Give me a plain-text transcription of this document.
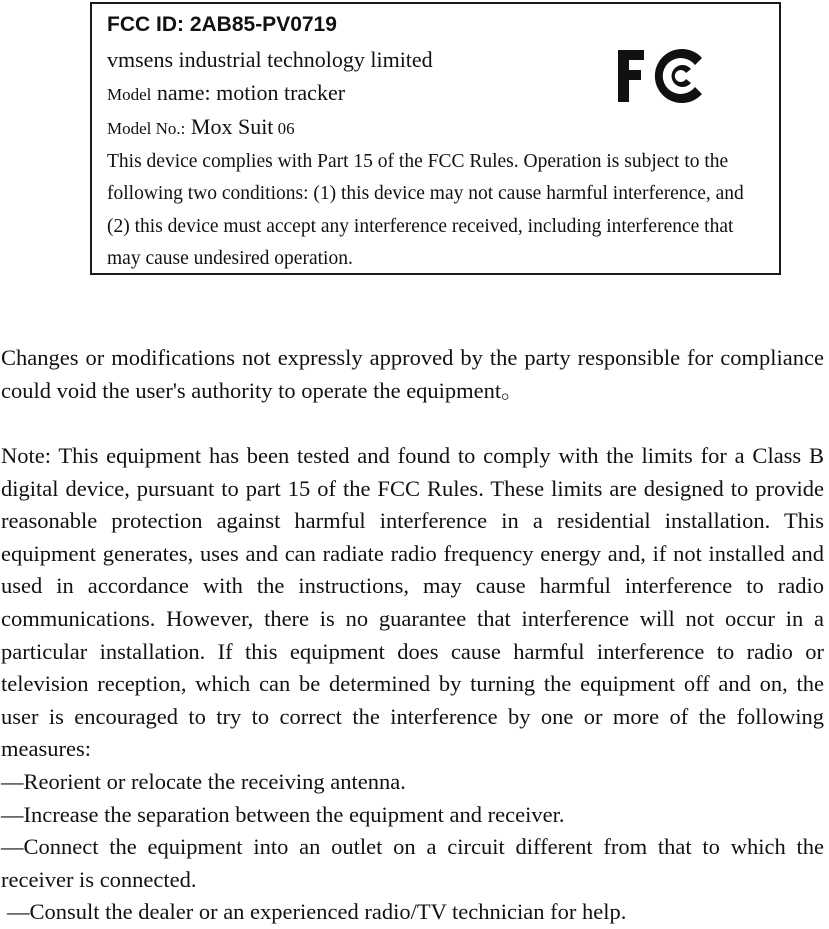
FCC ID: 2AB85-PV0719
vmsens industrial technology limited
Model name: motion tracker
Model No.: Mox Suit 06
This device complies with Part 15 of the FCC Rules. Operation is subject to the following two conditions: (1) this device may not cause harmful interference, and (2) this device must accept any interference received, including interference that may cause undesired operation.
Changes or modifications not expressly approved by the party responsible for compliance could void the user's authority to operate the equipment。
Note: This equipment has been tested and found to comply with the limits for a Class B digital device, pursuant to part 15 of the FCC Rules. These limits are designed to provide reasonable protection against harmful interference in a residential installation. This equipment generates, uses and can radiate radio frequency energy and, if not installed and used in accordance with the instructions, may cause harmful interference to radio communications. However, there is no guarantee that interference will not occur in a particular installation. If this equipment does cause harmful interference to radio or television reception, which can be determined by turning the equipment off and on, the user is encouraged to try to correct the interference by one or more of the following measures:
—Reorient or relocate the receiving antenna.
—Increase the separation between the equipment and receiver.
—Connect the equipment into an outlet on a circuit different from that to which the receiver is connected.
—Consult the dealer or an experienced radio/TV technician for help.
